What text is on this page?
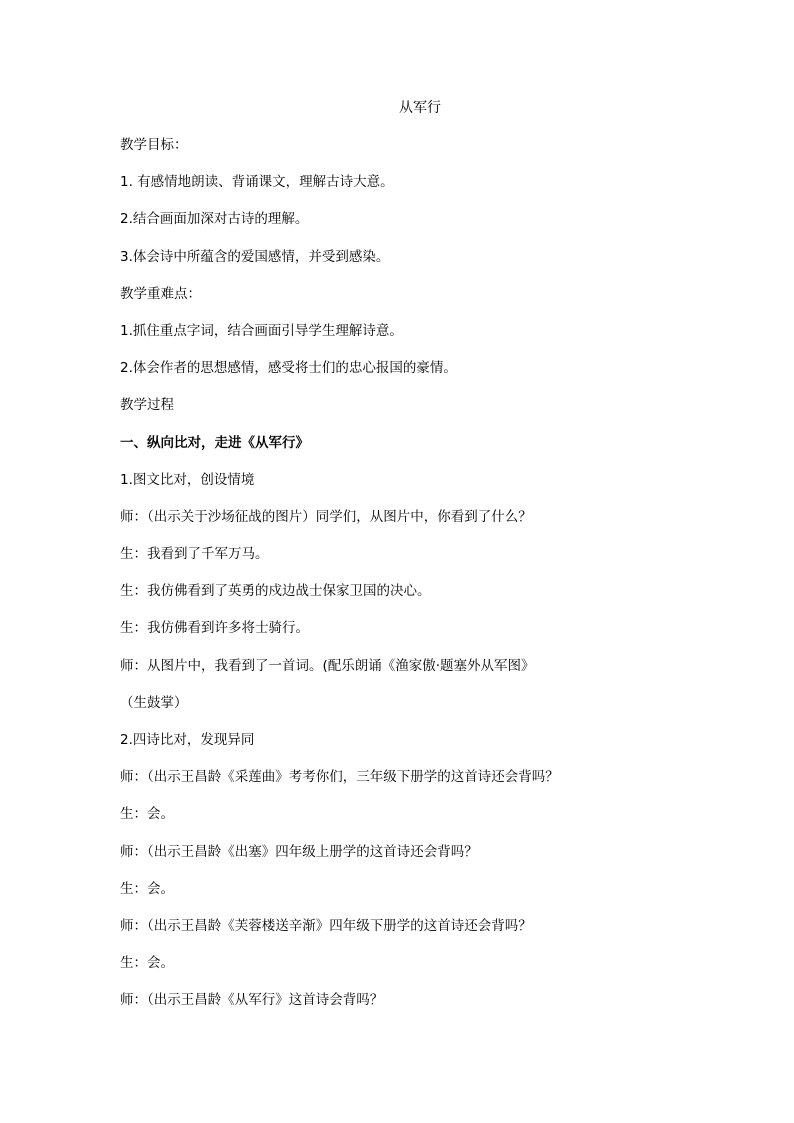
从军行
教学目标：
1. 有感情地朗读、背诵课文，理解古诗大意。
2.结合画面加深对古诗的理解。
3.体会诗中所蕴含的爱国感情，并受到感染。
教学重难点：
1.抓住重点字词，结合画面引导学生理解诗意。
2.体会作者的思想感情，感受将士们的忠心报国的豪情。
教学过程
一、纵向比对，走进《从军行》
1.图文比对，创设情境
师：（出示关于沙场征战的图片）同学们，从图片中，你看到了什么？
生：我看到了千军万马。
生：我仿佛看到了英勇的戍边战士保家卫国的决心。
生：我仿佛看到许多将士骑行。
师：从图片中，我看到了一首词。(配乐朗诵《渔家傲·题塞外从军图》
（生鼓掌）
2.四诗比对，发现异同
师：（出示王昌龄《采莲曲》考考你们，三年级下册学的这首诗还会背吗？
生：会。
师：（出示王昌龄《出塞》四年级上册学的这首诗还会背吗？
生：会。
师：（出示王昌龄《芙蓉楼送辛渐》四年级下册学的这首诗还会背吗？
生：会。
师：（出示王昌龄《从军行》这首诗会背吗？
